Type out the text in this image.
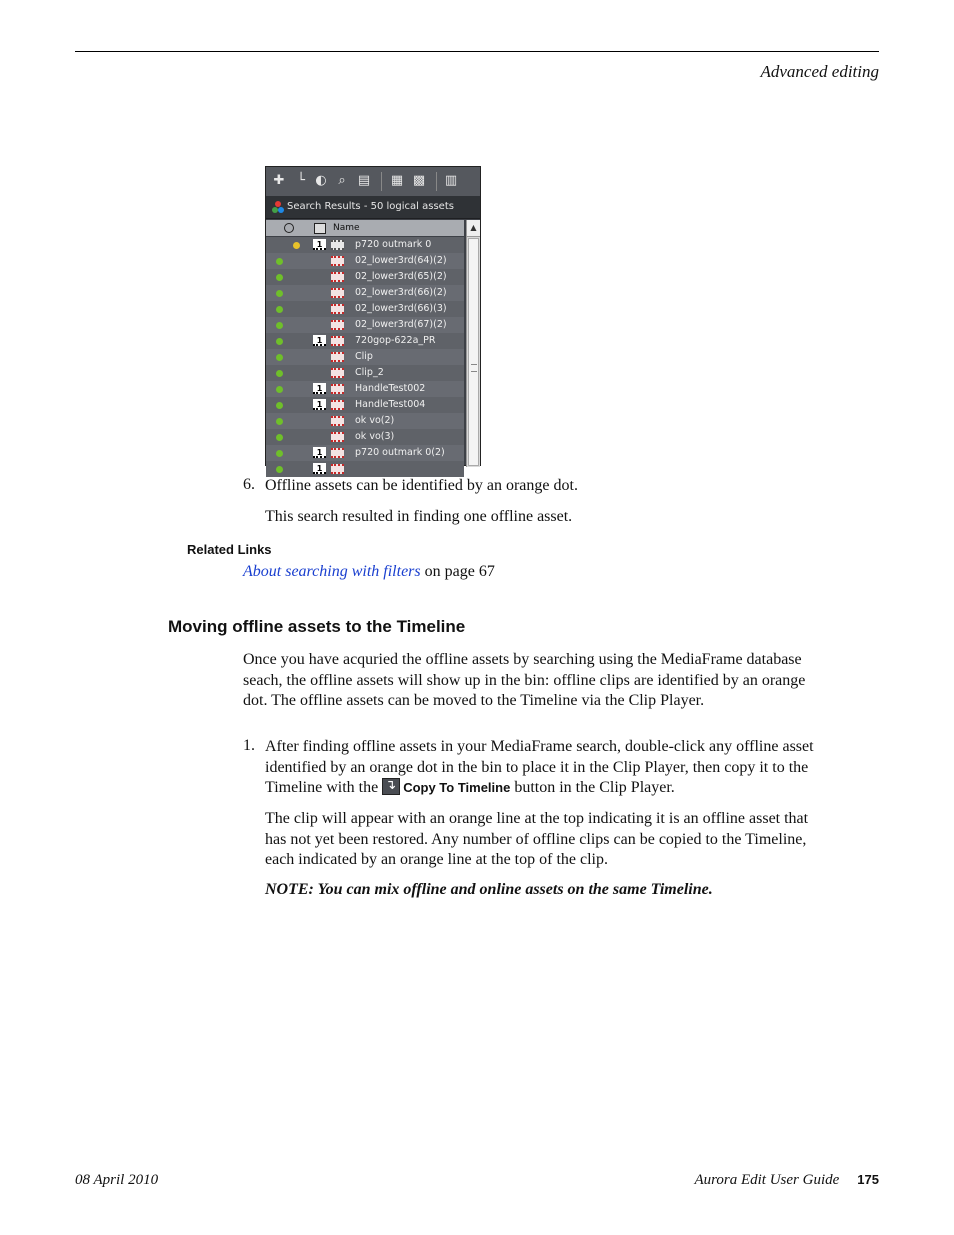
Advanced editing
✚ └ ◐ ⌕ ▤ ▦ ▩ ▥
Search Results - 50 logical assets
Name
1	p720 outmark 0
02_lower3rd(64)(2)
02_lower3rd(65)(2)
02_lower3rd(66)(2)
02_lower3rd(66)(3)
02_lower3rd(67)(2)
1	720gop-622a_PR
Clip
Clip_2
1	HandleTest002
1	HandleTest004
ok vo(2)
ok vo(3)
1	p720 outmark 0(2)
1
▲
6. Offline assets can be identified by an orange dot.
This search resulted in finding one offline asset.
Related Links
About searching with filters on page 67
Moving offline assets to the Timeline
Once you have acquried the offline assets by searching using the MediaFrame database seach, the offline assets will show up in the bin: offline clips are identified by an orange dot. The offline assets can be moved to the Timeline via the Clip Player.
1. After finding offline assets in your MediaFrame search, double-click any offline asset identified by an orange dot in the bin to place it in the Clip Player, then copy it to the Timeline with the ↴Copy To Timeline button in the Clip Player.
The clip will appear with an orange line at the top indicating it is an offline asset that has not yet been restored. Any number of offline clips can be copied to the Timeline, each indicated by an orange line at the top of the clip.
NOTE: You can mix offline and online assets on the same Timeline.
08 April 2010	Aurora Edit User Guide 175
